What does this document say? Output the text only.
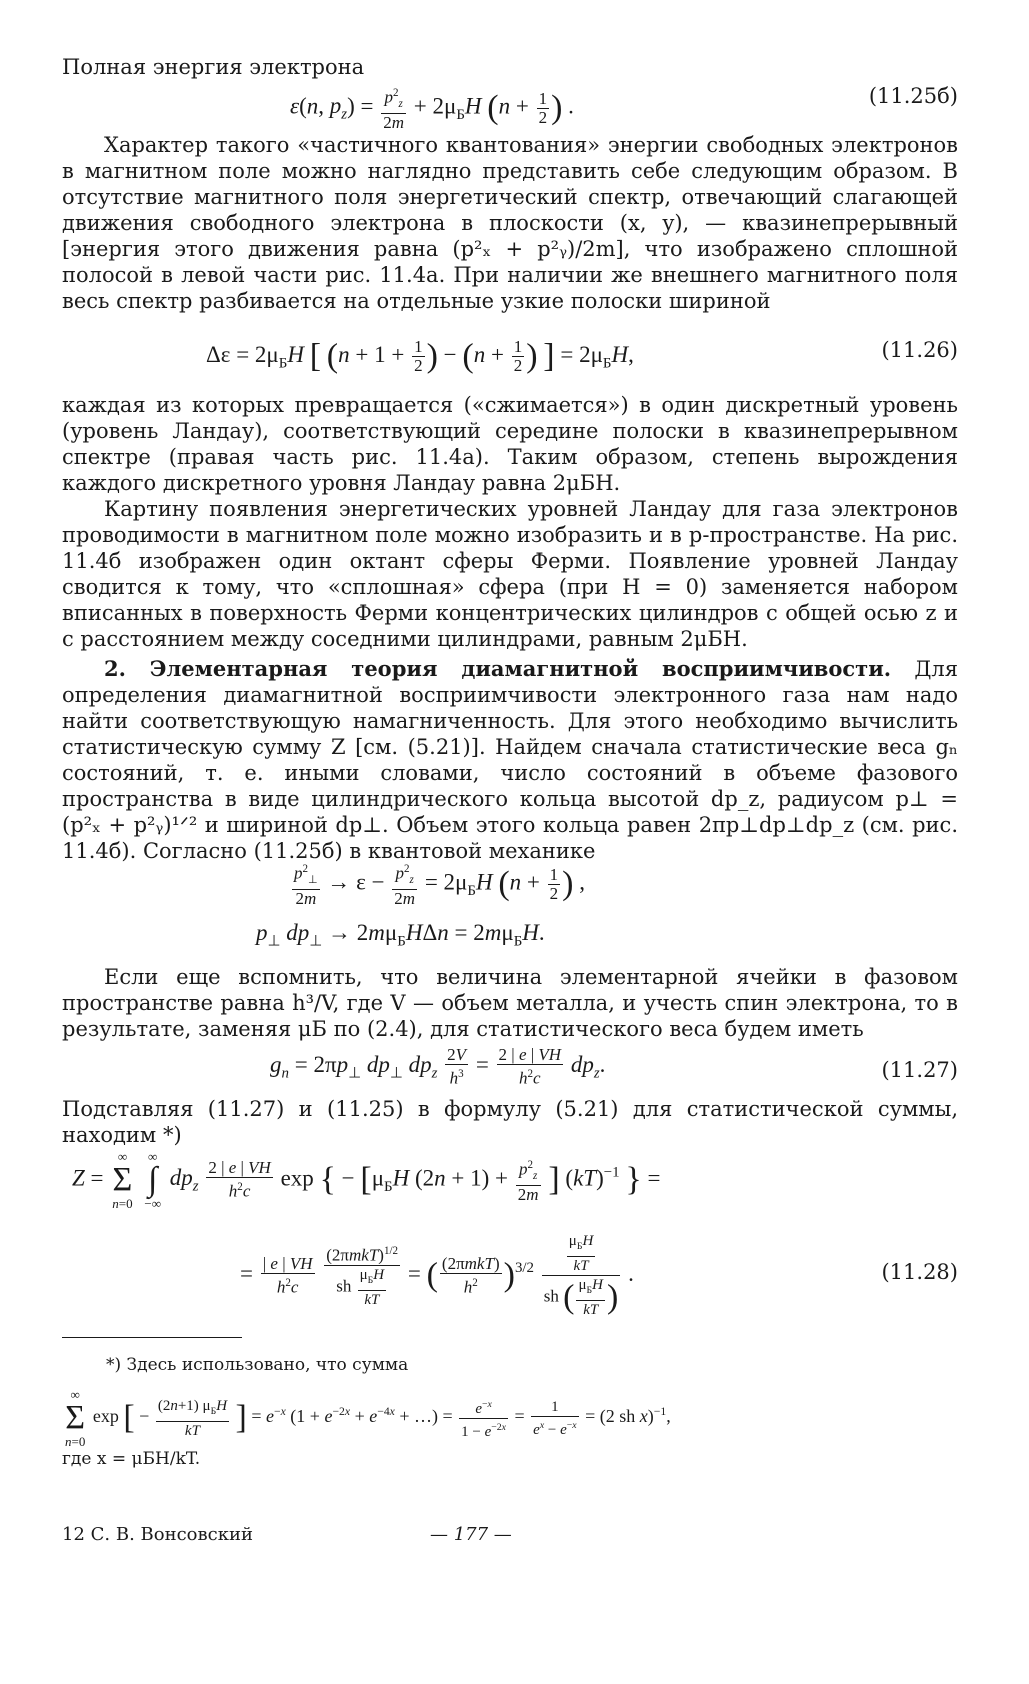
Полная энергия электрона

ε(n, $p_z) = \frac{p^2_z}{2m} + 2\mu_БH$ ($n + \frac{1}{2}$ ) .	(11.25б)

Характер такого «частичного квантования» энергии свободных электронов в магнитном поле можно наглядно представить себе следующим образом. В отсутствие магнитного поля энергетический спектр, отвечающий слагающей движения свободного электрона в плоскости (x, y), — квазинепрерывный [энергия этого движения равна (p²ₓ + p²ᵧ)/2m], что изображено сплошной полосой в левой части рис. 11.4а. При наличии же внешнего магнитного поля весь спектр разбивается на отдельные узкие полоски шириной

$\Delta\varepsilon = 2\mu_БH$ [ ($n + 1 + \frac{1}{2}$ ) − ($n + \frac{1}{2}$ ) ] = $2\mu_БH$,	(11.26)

каждая из которых превращается («сжимается») в один дискретный уровень (уровень Ландау), соответствующий середине полоски в квазинепрерывном спектре (правая часть рис. 11.4а). Таким образом, степень вырождения каждого дискретного уровня Ландау равна 2μБH.

Картину появления энергетических уровней Ландау для газа электронов проводимости в магнитном поле можно изобразить и в p-пространстве. На рис. 11.4б изображен один октант сферы Ферми. Появление уровней Ландау сводится к тому, что «сплошная» сфера (при H = 0) заменяется набором вписанных в поверхность Ферми концентрических цилиндров с общей осью z и с расстоянием между соседними цилиндрами, равным 2μБH.

2. Элементарная теория диамагнитной восприимчивости. Для определения диамагнитной восприимчивости электронного газа нам надо найти соответствующую намагниченность. Для этого необходимо вычислить статистическую сумму Z [см. (5.21)]. Найдем сначала статистические веса gₙ состояний, т. е. иными словами, число состояний в объеме фазового пространства в виде цилиндрического кольца высотой dp_z, радиусом p⊥ = (p²ₓ + p²ᵧ)¹ᐟ² и шириной dp⊥. Объем этого кольца равен 2πp⊥dp⊥dp_z (см. рис. 11.4б). Согласно (11.25б) в квантовой механике

$\frac{p^2_\perp}{2m} \to \varepsilon - \frac{p^2_z}{2m} = 2\mu_БH$ ($n + \frac{1}{2}$ ) ,
$p_\perp$ $dp_\perp \to 2m\mu_БH\Delta n = 2m\mu_БH$.

Если еще вспомнить, что величина элементарной ячейки в фазовом пространстве равна h³/V, где V — объем металла, и учесть спин электрона, то в результате, заменяя μБ по (2.4), для статистического веса будем иметь

$g_n = 2\pi p_\perp$ $dp_\perp$ $dp_z \frac{2V}{h^3} = \frac{2 | e | VH}{h^2c} dp_z$.	(11.27)

Подставляя (11.27) и (11.25) в формулу (5.21) для статистической суммы, находим *)

Z = ∞
Σ
n=0 ∞
∫
−∞ $dp_z \frac{2 | e | VH}{h^2c}$ exp { − [$\mu_БH$ $(2n + 1) + \frac{p^2_z}{2m}$ ] (kT)$^{-1}$ } =
= $\frac{| e | VH}{h^2c}$
$\frac{(2\pi mkT)^{1/2}}{sh \frac{\mu_БH}{kT}}$ = ( $\frac{\text{(2πmkT)}}{h^2} )^{3/2} \frac{\frac{\mu_БH}{kT}}{sh ( \frac{\mu_БH}{kT} )}$ .	(11.28)
*) Здесь использовано, что сумма
∞
Σ
n=0 exp [ − $\frac{(2n+1) \mu_БH}{kT}$ ] = $e^{-x}$ ($1 + e^{-2x} + e^{-4x}$ + …) = $\frac{e^{-x}}{1 - e^{-2x}} = \frac{1}{e^x - e^{-x}} = (2$ sh x)$^{-1}$,
где x = μБH/kT.
12 С. В. Вонсовский	— 177 —
